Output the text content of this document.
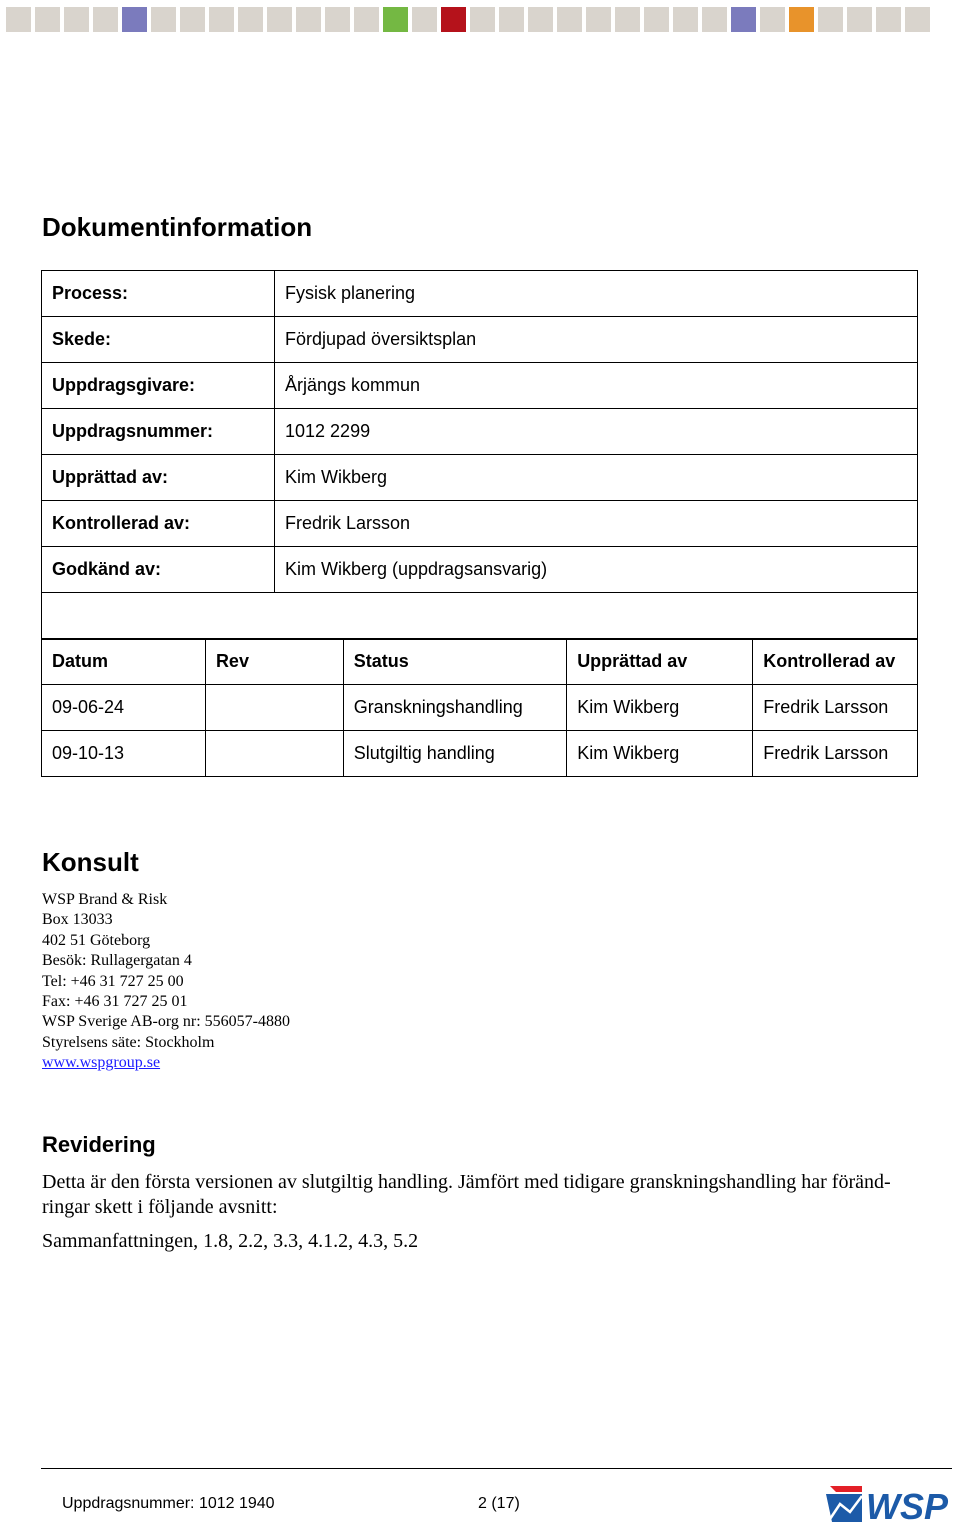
Dokumentinformation
Process:	Fysisk planering
Skede:	Fördjupad översiktsplan
Uppdragsgivare:	Årjängs kommun
Uppdragsnummer:	1012 2299
Upprättad av:	Kim Wikberg
Kontrollerad av:	Fredrik Larsson
Godkänd av:	Kim Wikberg (uppdragsansvarig)

Datum	Rev	Status	Upprättad av	Kontrollerad av
09-06-24		Granskningshandling	Kim Wikberg	Fredrik Larsson
09-10-13		Slutgiltig handling	Kim Wikberg	Fredrik Larsson
Konsult
WSP Brand & Risk
Box 13033
402 51 Göteborg
Besök: Rullagergatan 4
Tel: +46 31 727 25 00
Fax: +46 31 727 25 01
WSP Sverige AB-org nr: 556057-4880
Styrelsens säte: Stockholm
www.wspgroup.se
Revidering

Detta är den första versionen av slutgiltig handling. Jämfört med tidigare granskningshandling har föränd-
ringar skett i följande avsnitt:

Sammanfattningen, 1.8, 2.2, 3.3, 4.1.2, 4.3, 5.2

Uppdragsnummer: 1012 1940	2 (17)	WSP
